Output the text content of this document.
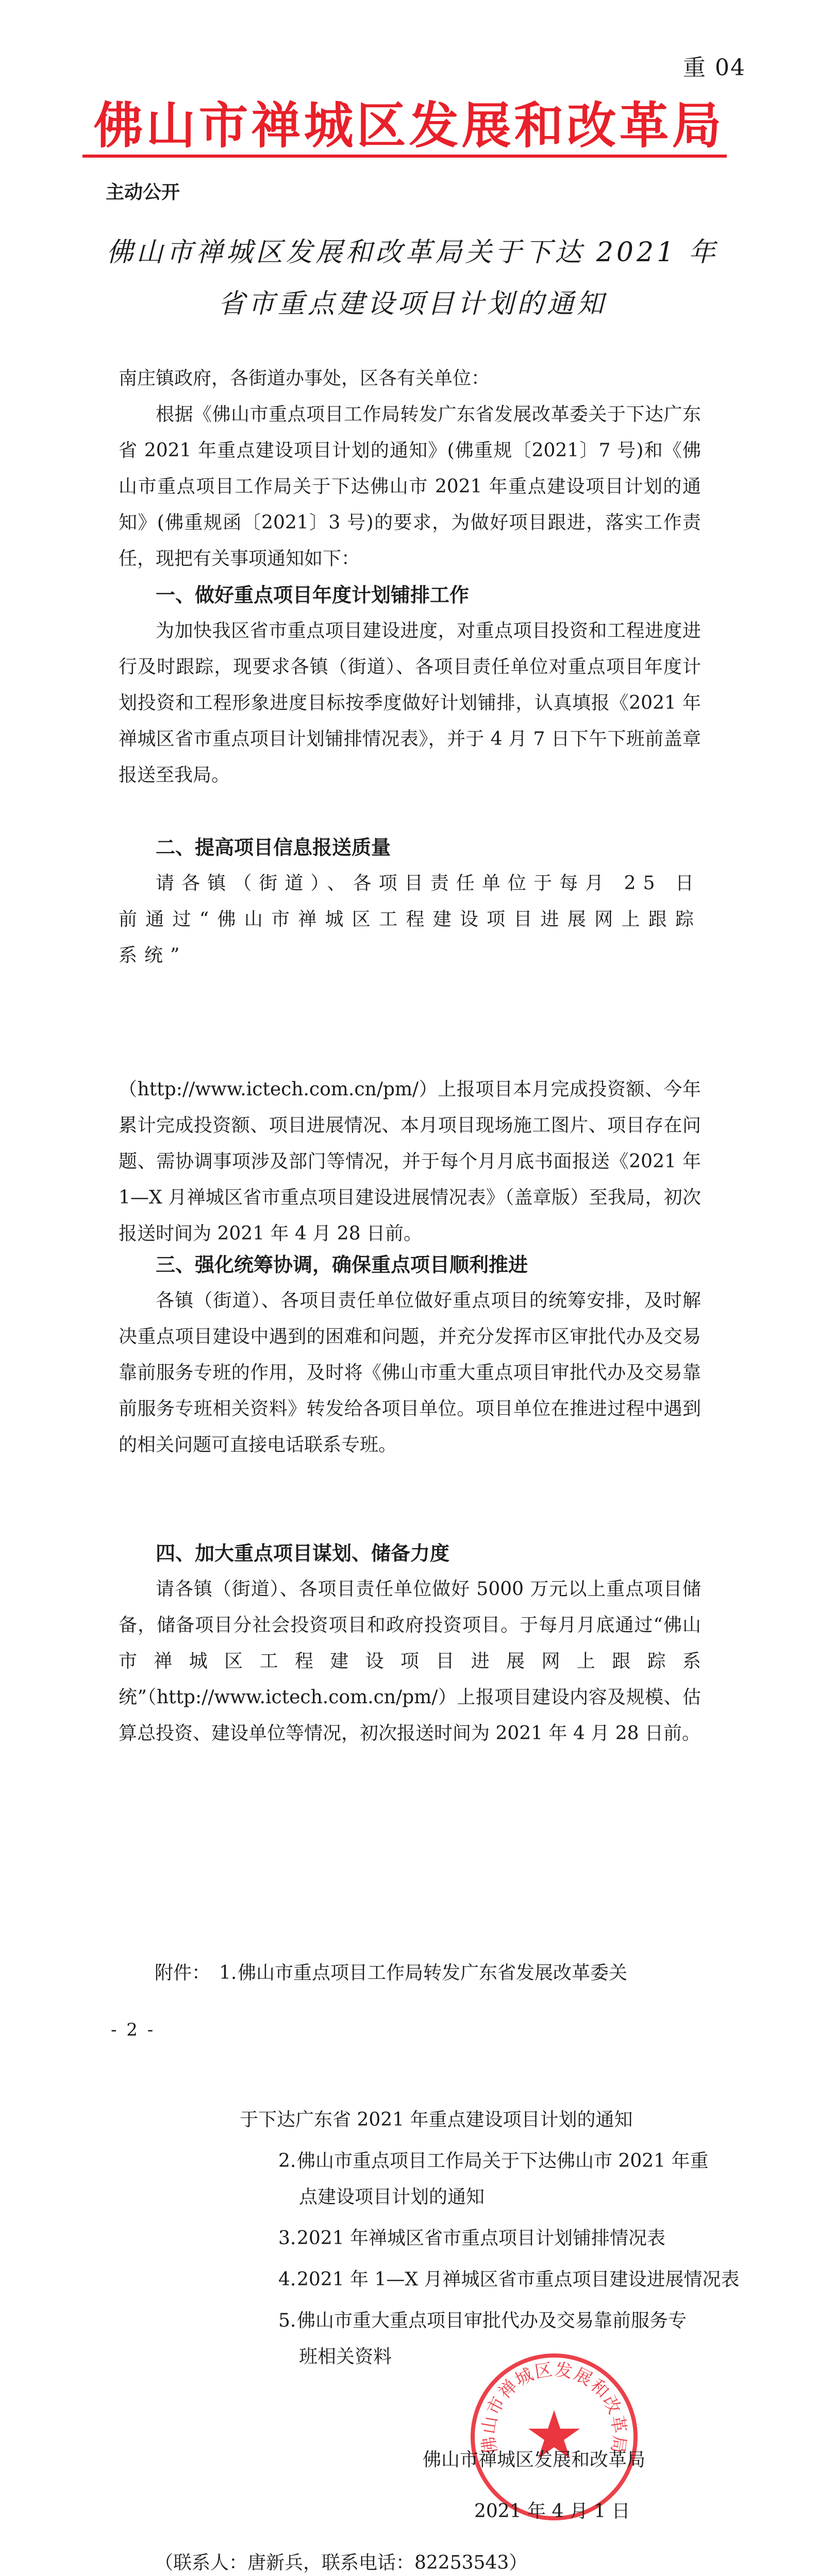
重 04
佛山市禅城区发展和改革局
主动公开
佛山市禅城区发展和改革局关于下达 2021 年
省市重点建设项目计划的通知
南庄镇政府，各街道办事处，区各有关单位：
根据《佛山市重点项目工作局转发广东省发展改革委关于下达广东省 2021 年重点建设项目计划的通知》(佛重规〔2021〕7 号)和《佛山市重点项目工作局关于下达佛山市 2021 年重点建设项目计划的通知》(佛重规函〔2021〕3 号)的要求，为做好项目跟进，落实工作责任，现把有关事项通知如下：
一、做好重点项目年度计划铺排工作
为加快我区省市重点项目建设进度，对重点项目投资和工程进度进行及时跟踪，现要求各镇（街道）、各项目责任单位对重点项目年度计划投资和工程形象进度目标按季度做好计划铺排，认真填报《2021 年禅城区省市重点项目计划铺排情况表》，并于 4 月 7 日下午下班前盖章报送至我局。
二、提高项目信息报送质量
请各镇（街道）、各项目责任单位于每月 25 日前通过“佛山市禅城区工程建设项目进展网上跟踪系统”
（http://www.ictech.com.cn/pm/）上报项目本月完成投资额、今年累计完成投资额、项目进展情况、本月项目现场施工图片、项目存在问题、需协调事项涉及部门等情况，并于每个月月底书面报送《2021 年 1—X 月禅城区省市重点项目建设进展情况表》（盖章版）至我局，初次报送时间为 2021 年 4 月 28 日前。
三、强化统筹协调，确保重点项目顺利推进
各镇（街道）、各项目责任单位做好重点项目的统筹安排，及时解决重点项目建设中遇到的困难和问题，并充分发挥市区审批代办及交易靠前服务专班的作用，及时将《佛山市重大重点项目审批代办及交易靠前服务专班相关资料》转发给各项目单位。项目单位在推进过程中遇到的相关问题可直接电话联系专班。
四、加大重点项目谋划、储备力度
请各镇（街道）、各项目责任单位做好 5000 万元以上重点项目储备，储备项目分社会投资项目和政府投资项目。于每月月底通过“佛山市禅城区工程建设项目进展网上跟踪系统”（http://www.ictech.com.cn/pm/）上报项目建设内容及规模、估算总投资、建设单位等情况，初次报送时间为 2021 年 4 月 28 日前。
附件： 1.佛山市重点项目工作局转发广东省发展改革委关
- 2 -
于下达广东省 2021 年重点建设项目计划的通知
2.佛山市重点项目工作局关于下达佛山市 2021 年重
点建设项目计划的通知
3.2021 年禅城区省市重点项目计划铺排情况表
4.2021 年 1—X 月禅城区省市重点项目建设进展情况表
5.佛山市重大重点项目审批代办及交易靠前服务专
班相关资料
佛山市禅城区发展和改革局
佛山市禅城区发展和改革局
2021 年 4 月 1 日
（联系人：唐新兵，联系电话：82253543）
